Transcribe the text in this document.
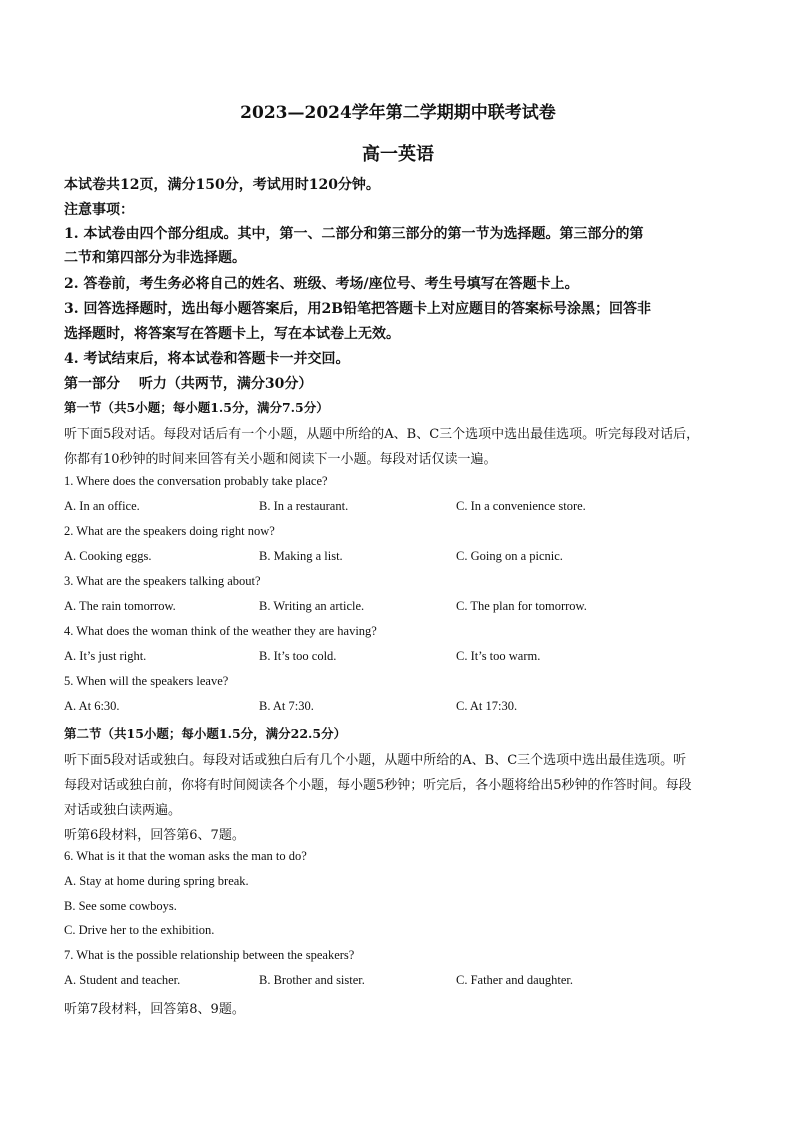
2023—2024学年第二学期期中联考试卷
高一英语
本试卷共12页，满分150分，考试用时120分钟。
注意事项：
1. 本试卷由四个部分组成。其中，第一、二部分和第三部分的第一节为选择题。第三部分的第
二节和第四部分为非选择题。
2. 答卷前，考生务必将自己的姓名、班级、考场/座位号、考生号填写在答题卡上。
3. 回答选择题时，选出每小题答案后，用2B铅笔把答题卡上对应题目的答案标号涂黑；回答非
选择题时，将答案写在答题卡上，写在本试卷上无效。
4. 考试结束后，将本试卷和答题卡一并交回。
第一部分　 听力（共两节，满分30分）
第一节（共5小题；每小题1.5分，满分7.5分）
听下面5段对话。每段对话后有一个小题，从题中所给的A、B、C三个选项中选出最佳选项。听完每段对话后，
你都有10秒钟的时间来回答有关小题和阅读下一小题。每段对话仅读一遍。
1. Where does the conversation probably take place?
A. In an office.	B. In a restaurant.	C. In a convenience store.
2. What are the speakers doing right now?
A. Cooking eggs.	B. Making a list.	C. Going on a picnic.
3. What are the speakers talking about?
A. The rain tomorrow.	B. Writing an article.	C. The plan for tomorrow.
4. What does the woman think of the weather they are having?
A. It’s just right.	B. It’s too cold.	C. It’s too warm.
5. When will the speakers leave?
A. At 6:30.	B. At 7:30.	C. At 17:30.
第二节（共15小题；每小题1.5分，满分22.5分）
听下面5段对话或独白。每段对话或独白后有几个小题，从题中所给的A、B、C三个选项中选出最佳选项。听
每段对话或独白前，你将有时间阅读各个小题，每小题5秒钟；听完后，各小题将给出5秒钟的作答时间。每段
对话或独白读两遍。
听第6段材料，回答第6、7题。
6. What is it that the woman asks the man to do?
A. Stay at home during spring break.
B. See some cowboys.
C. Drive her to the exhibition.
7. What is the possible relationship between the speakers?
A. Student and teacher.	B. Brother and sister.	C. Father and daughter.
听第7段材料，回答第8、9题。
